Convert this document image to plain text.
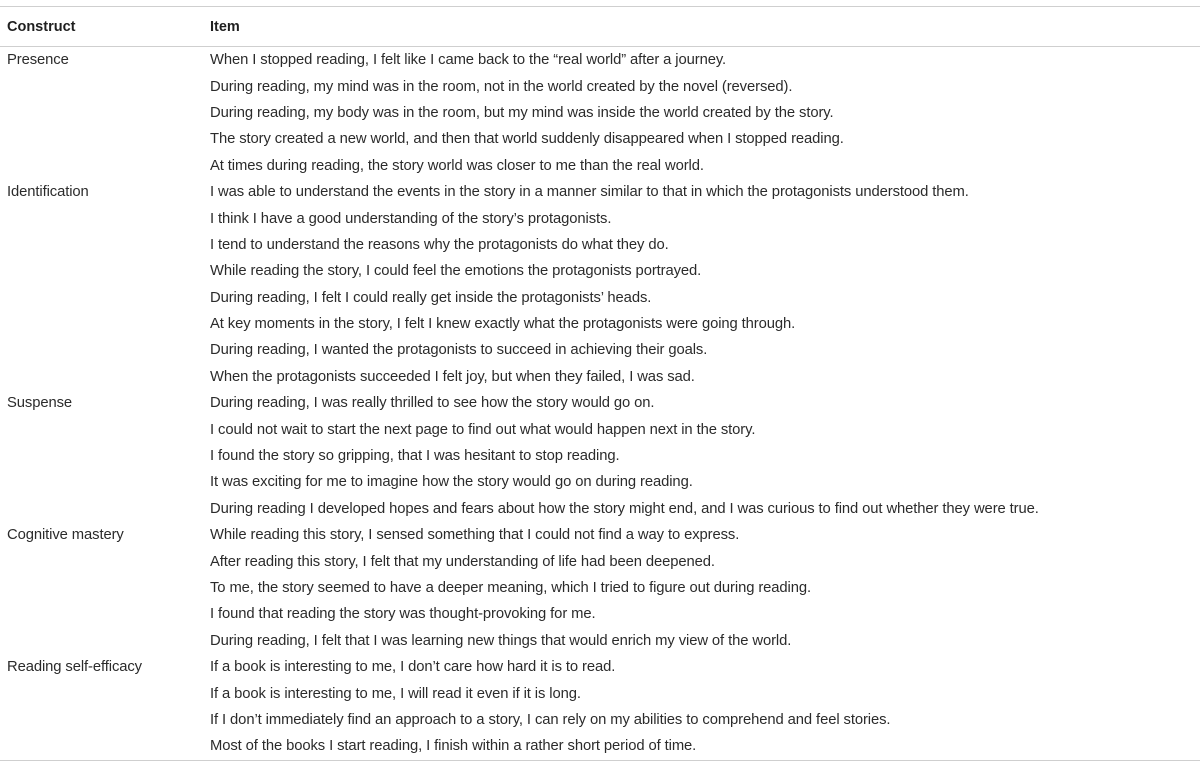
Construct	Item
Presence	When I stopped reading, I felt like I came back to the “real world” after a journey.
	During reading, my mind was in the room, not in the world created by the novel (reversed).
	During reading, my body was in the room, but my mind was inside the world created by the story.
	The story created a new world, and then that world suddenly disappeared when I stopped reading.
	At times during reading, the story world was closer to me than the real world.
Identification	I was able to understand the events in the story in a manner similar to that in which the protagonists understood them.
	I think I have a good understanding of the story’s protagonists.
	I tend to understand the reasons why the protagonists do what they do.
	While reading the story, I could feel the emotions the protagonists portrayed.
	During reading, I felt I could really get inside the protagonists’ heads.
	At key moments in the story, I felt I knew exactly what the protagonists were going through.
	During reading, I wanted the protagonists to succeed in achieving their goals.
	When the protagonists succeeded I felt joy, but when they failed, I was sad.
Suspense	During reading, I was really thrilled to see how the story would go on.
	I could not wait to start the next page to find out what would happen next in the story.
	I found the story so gripping, that I was hesitant to stop reading.
	It was exciting for me to imagine how the story would go on during reading.
	During reading I developed hopes and fears about how the story might end, and I was curious to find out whether they were true.
Cognitive mastery	While reading this story, I sensed something that I could not find a way to express.
	After reading this story, I felt that my understanding of life had been deepened.
	To me, the story seemed to have a deeper meaning, which I tried to figure out during reading.
	I found that reading the story was thought-provoking for me.
	During reading, I felt that I was learning new things that would enrich my view of the world.
Reading self-efficacy	If a book is interesting to me, I don’t care how hard it is to read.
	If a book is interesting to me, I will read it even if it is long.
	If I don’t immediately find an approach to a story, I can rely on my abilities to comprehend and feel stories.
	Most of the books I start reading, I finish within a rather short period of time.
